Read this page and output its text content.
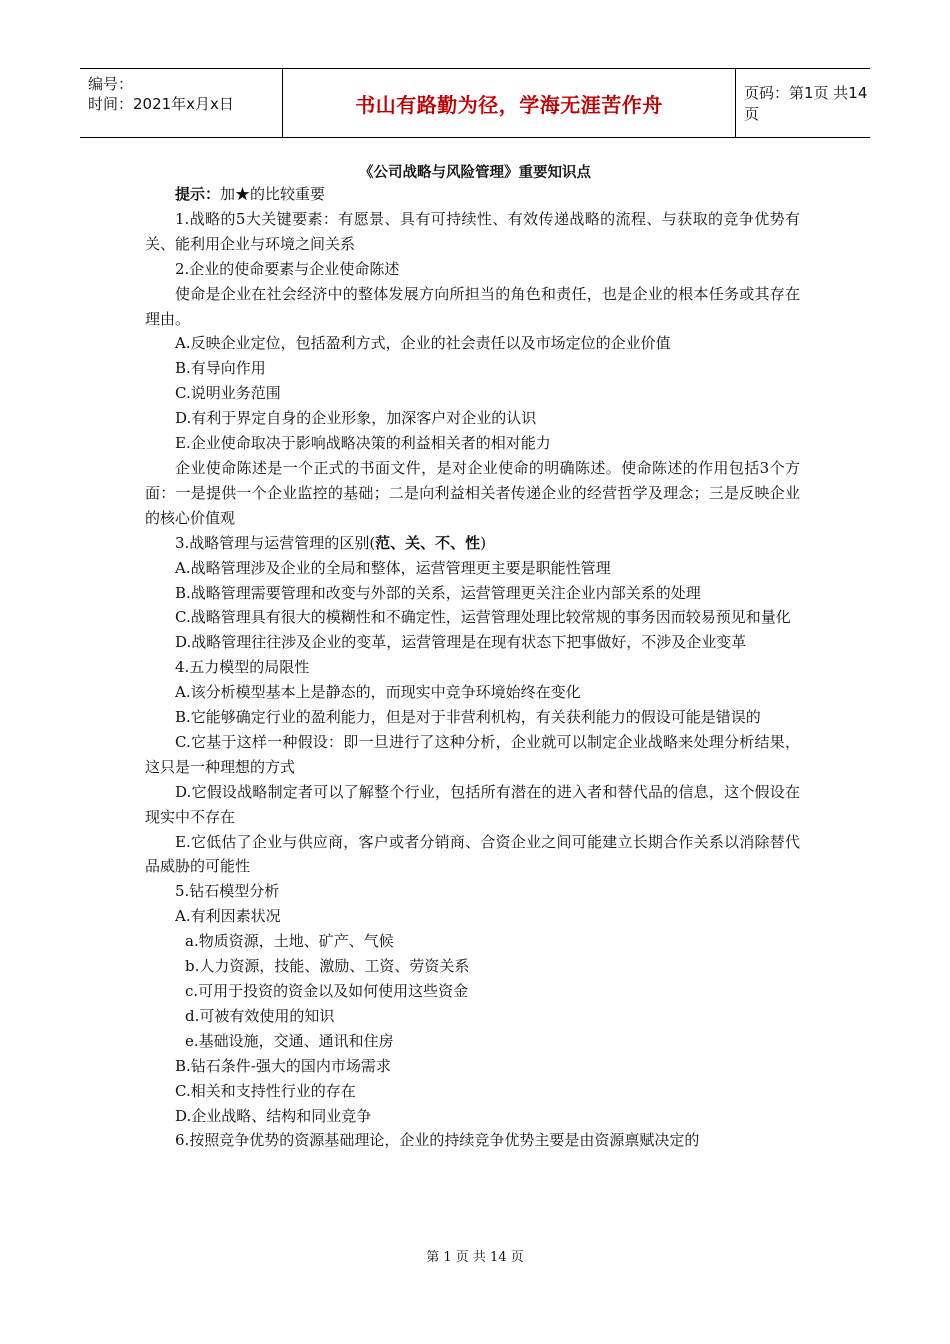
编号：
时间：2021年x月x日	书山有路勤为径，学海无涯苦作舟	页码：第1页 共14页
《公司战略与风险管理》重要知识点

提示：加★的比较重要

1.战略的5大关键要素：有愿景、具有可持续性、有效传递战略的流程、与获取的竞争优势有关、能利用企业与环境之间关系

2.企业的使命要素与企业使命陈述

使命是企业在社会经济中的整体发展方向所担当的角色和责任，也是企业的根本任务或其存在理由。

A.反映企业定位，包括盈利方式，企业的社会责任以及市场定位的企业价值

B.有导向作用

C.说明业务范围

D.有利于界定自身的企业形象，加深客户对企业的认识

E.企业使命取决于影响战略决策的利益相关者的相对能力

企业使命陈述是一个正式的书面文件，是对企业使命的明确陈述。使命陈述的作用包括3个方面：一是提供一个企业监控的基础；二是向利益相关者传递企业的经营哲学及理念；三是反映企业的核心价值观

3.战略管理与运营管理的区别(范、关、不、性)

A.战略管理涉及企业的全局和整体，运营管理更主要是职能性管理

B.战略管理需要管理和改变与外部的关系，运营管理更关注企业内部关系的处理

C.战略管理具有很大的模糊性和不确定性，运营管理处理比较常规的事务因而较易预见和量化

D.战略管理往往涉及企业的变革，运营管理是在现有状态下把事做好，不涉及企业变革

4.五力模型的局限性

A.该分析模型基本上是静态的，而现实中竞争环境始终在变化

B.它能够确定行业的盈利能力，但是对于非营利机构，有关获利能力的假设可能是错误的

C.它基于这样一种假设：即一旦进行了这种分析，企业就可以制定企业战略来处理分析结果，这只是一种理想的方式

D.它假设战略制定者可以了解整个行业，包括所有潜在的进入者和替代品的信息，这个假设在现实中不存在

E.它低估了企业与供应商，客户或者分销商、合资企业之间可能建立长期合作关系以消除替代品威胁的可能性

5.钻石模型分析

A.有利因素状况

a.物质资源，土地、矿产、气候

b.人力资源，技能、激励、工资、劳资关系

c.可用于投资的资金以及如何使用这些资金

d.可被有效使用的知识

e.基础设施，交通、通讯和住房

B.钻石条件-强大的国内市场需求

C.相关和支持性行业的存在

D.企业战略、结构和同业竞争

6.按照竞争优势的资源基础理论，企业的持续竞争优势主要是由资源禀赋决定的

第 1 页 共 14 页
